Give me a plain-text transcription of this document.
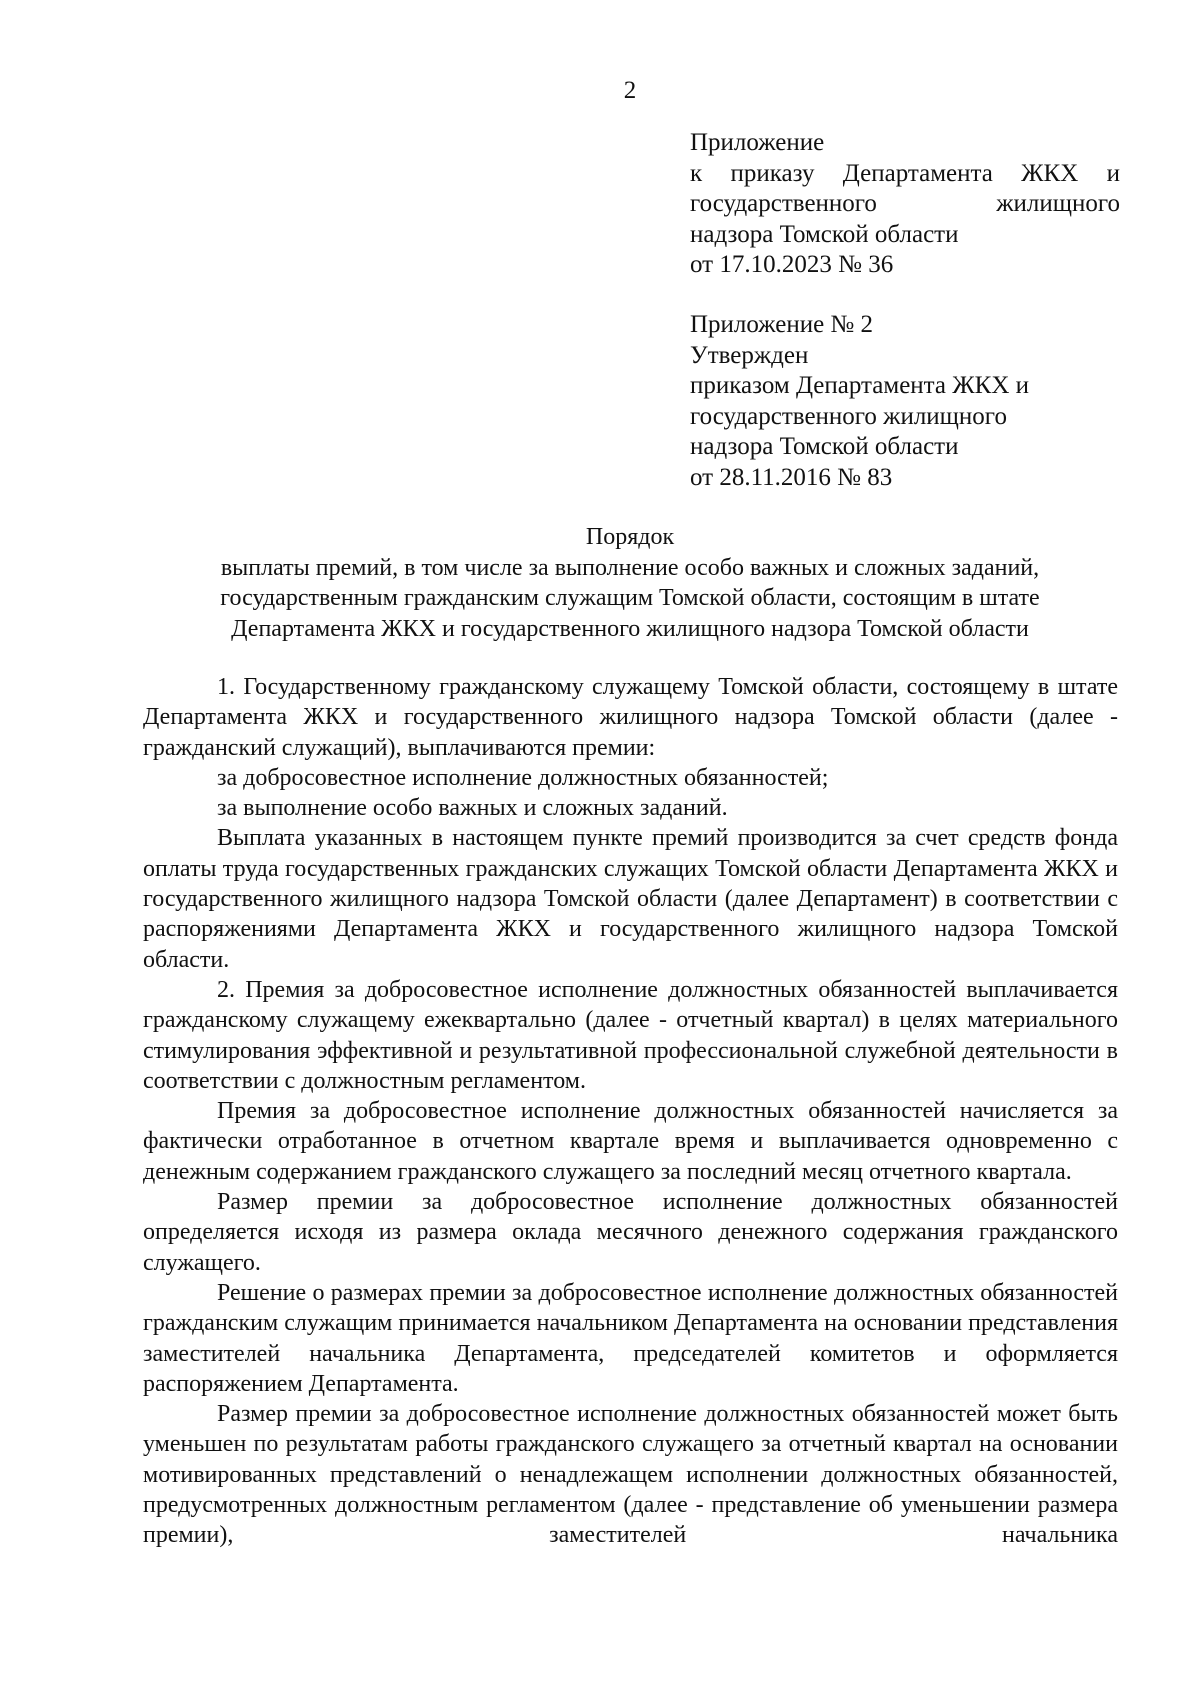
2
Приложение
к приказу Департамента ЖКХ и
государственного	жилищного
надзора Томской области
от 17.10.2023 № 36
Приложение № 2
Утвержден
приказом Департамента ЖКХ и
государственного жилищного
надзора Томской области
от 28.11.2016 № 83
Порядок
выплаты премий, в том числе за выполнение особо важных и сложных заданий,
государственным гражданским служащим Томской области, состоящим в штате
Департамента ЖКХ и государственного жилищного надзора Томской области

1. Государственному гражданскому служащему Томской области, состоящему в штате Департамента ЖКХ и государственного жилищного надзора Томской области (далее - гражданский служащий), выплачиваются премии:

за добросовестное исполнение должностных обязанностей;

за выполнение особо важных и сложных заданий.

Выплата указанных в настоящем пункте премий производится за счет средств фонда оплаты труда государственных гражданских служащих Томской области Департамента ЖКХ и государственного жилищного надзора Томской области (далее Департамент) в соответствии с распоряжениями Департамента ЖКХ и государственного жилищного надзора Томской области.

2. Премия за добросовестное исполнение должностных обязанностей выплачивается гражданскому служащему ежеквартально (далее - отчетный квартал) в целях материального стимулирования эффективной и результативной профессиональной служебной деятельности в соответствии с должностным регламентом.

Премия за добросовестное исполнение должностных обязанностей начисляется за фактически отработанное в отчетном квартале время и выплачивается одновременно с денежным содержанием гражданского служащего за последний месяц отчетного квартала.

Размер премии за добросовестное исполнение должностных обязанностей определяется исходя из размера оклада месячного денежного содержания гражданского служащего.

Решение о размерах премии за добросовестное исполнение должностных обязанностей гражданским служащим принимается начальником Департамента на основании представления заместителей начальника Департамента, председателей комитетов и оформляется распоряжением Департамента.

Размер премии за добросовестное исполнение должностных обязанностей может быть уменьшен по результатам работы гражданского служащего за отчетный квартал на основании мотивированных представлений о ненадлежащем исполнении должностных обязанностей, предусмотренных должностным регламентом (далее - представление об уменьшении размера премии), заместителей начальника
